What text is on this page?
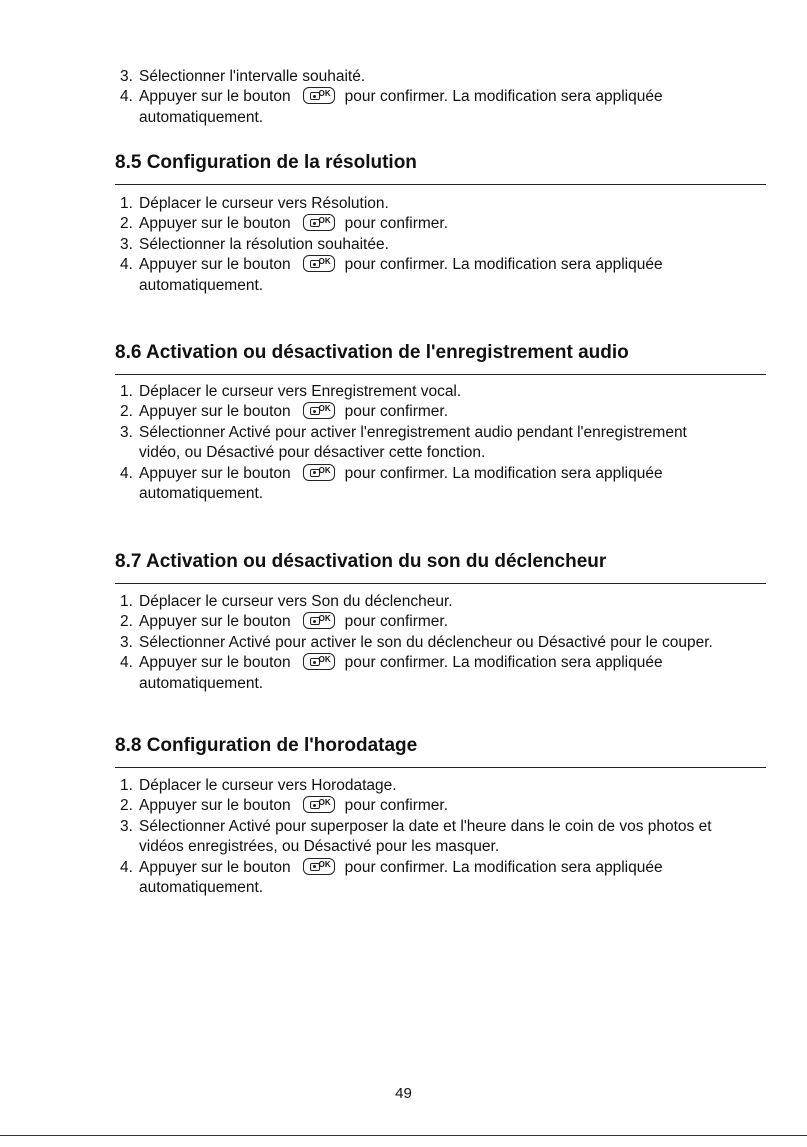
3. Sélectionner l'intervalle souhaité.
4. Appuyer sur le bouton	OK pour confirmer. La modification sera appliquée
automatiquement.
8.5 Configuration de la résolution
1. Déplacer le curseur vers Résolution.
2. Appuyer sur le bouton	OK pour confirmer.
3. Sélectionner la résolution souhaitée.
4. Appuyer sur le bouton	OK pour confirmer. La modification sera appliquée
automatiquement.
8.6 Activation ou désactivation de l'enregistrement audio
1. Déplacer le curseur vers Enregistrement vocal.
2. Appuyer sur le bouton	OK pour confirmer.
3. Sélectionner Activé pour activer l'enregistrement audio pendant l'enregistrement
vidéo, ou Désactivé pour désactiver cette fonction.
4. Appuyer sur le bouton	OK pour confirmer. La modification sera appliquée
automatiquement.
8.7 Activation ou désactivation du son du déclencheur
1. Déplacer le curseur vers Son du déclencheur.
2. Appuyer sur le bouton	OK pour confirmer.
3. Sélectionner Activé pour activer le son du déclencheur ou Désactivé pour le couper.
4. Appuyer sur le bouton	OK pour confirmer. La modification sera appliquée
automatiquement.
8.8 Configuration de l'horodatage
1. Déplacer le curseur vers Horodatage.
2. Appuyer sur le bouton	OK pour confirmer.
3. Sélectionner Activé pour superposer la date et l'heure dans le coin de vos photos et
vidéos enregistrées, ou Désactivé pour les masquer.
4. Appuyer sur le bouton	OK pour confirmer. La modification sera appliquée
automatiquement.
49
